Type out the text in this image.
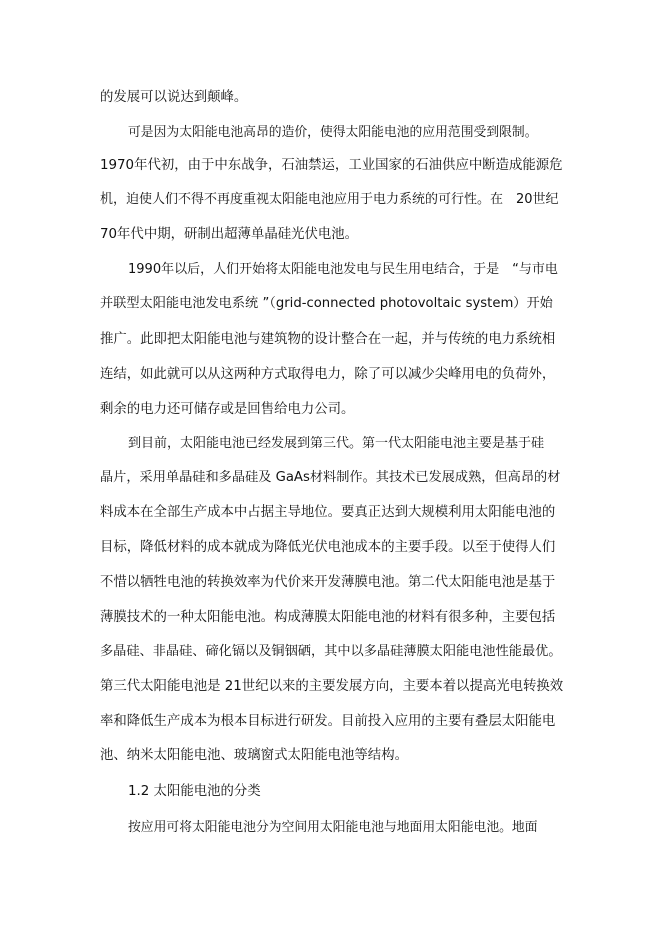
的发展可以说达到颠峰。
可是因为太阳能电池高昂的造价，使得太阳能电池的应用范围受到限制。
1970年代初，由于中东战争，石油禁运，工业国家的石油供应中断造成能源危
机，迫使人们不得不再度重视太阳能电池应用于电力系统的可行性。在　20世纪
70年代中期，研制出超薄单晶硅光伏电池。
1990年以后，人们开始将太阳能电池发电与民生用电结合，于是　“与市电
并联型太阳能电池发电系统 ”（grid-connected photovoltaic system）开始
推广。此即把太阳能电池与建筑物的设计整合在一起，并与传统的电力系统相
连结，如此就可以从这两种方式取得电力，除了可以减少尖峰用电的负荷外，
剩余的电力还可储存或是回售给电力公司。
到目前，太阳能电池已经发展到第三代。第一代太阳能电池主要是基于硅
晶片，采用单晶硅和多晶硅及 GaAs材料制作。其技术已发展成熟，但高昂的材
料成本在全部生产成本中占据主导地位。要真正达到大规模利用太阳能电池的
目标，降低材料的成本就成为降低光伏电池成本的主要手段。以至于使得人们
不惜以牺牲电池的转换效率为代价来开发薄膜电池。第二代太阳能电池是基于
薄膜技术的一种太阳能电池。构成薄膜太阳能电池的材料有很多种，主要包括
多晶硅、非晶硅、碲化镉以及铜铟硒，其中以多晶硅薄膜太阳能电池性能最优。
第三代太阳能电池是 21世纪以来的主要发展方向，主要本着以提高光电转换效
率和降低生产成本为根本目标进行研发。目前投入应用的主要有叠层太阳能电
池、纳米太阳能电池、玻璃窗式太阳能电池等结构。
1.2 太阳能电池的分类
按应用可将太阳能电池分为空间用太阳能电池与地面用太阳能电池。地面
